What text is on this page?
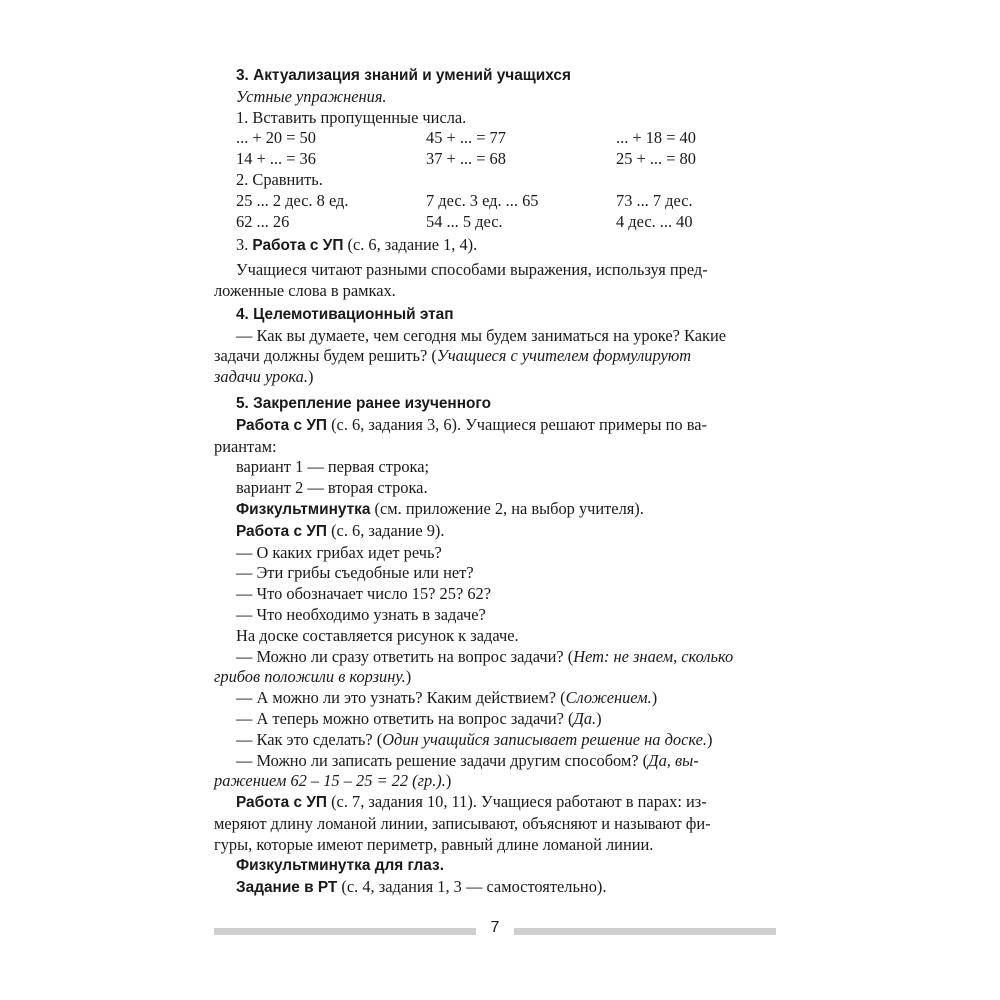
3. Актуализация знаний и умений учащихся
Устные упражнения.
1. Вставить пропущенные числа.
... + 20 = 50	45 + ... = 77	... + 18 = 40
14 + ... = 36	37 + ... = 68	25 + ... = 80
2. Сравнить.
25 ... 2 дес. 8 ед.	7 дес. 3 ед. ... 65	73 ... 7 дес.
62 ... 26	54 ... 5 дес.	4 дес. ... 40
3. Работа с УП (с. 6, задание 1, 4).
Учащиеся читают разными способами выражения, используя пред-
ложенные слова в рамках.
4. Целемотивационный этап
— Как вы думаете, чем сегодня мы будем заниматься на уроке? Какие
задачи должны будем решить? (Учащиеся с учителем формулируют
задачи урока.)
5. Закрепление ранее изученного
Работа с УП (с. 6, задания 3, 6). Учащиеся решают примеры по ва-
риантам:
вариант 1 — первая строка;
вариант 2 — вторая строка.
Физкультминутка (см. приложение 2, на выбор учителя).
Работа с УП (с. 6, задание 9).
— О каких грибах идет речь?
— Эти грибы съедобные или нет?
— Что обозначает число 15? 25? 62?
— Что необходимо узнать в задаче?
На доске составляется рисунок к задаче.
— Можно ли сразу ответить на вопрос задачи? (Нет: не знаем, сколько
грибов положили в корзину.)
— А можно ли это узнать? Каким действием? (Сложением.)
— А теперь можно ответить на вопрос задачи? (Да.)
— Как это сделать? (Один учащийся записывает решение на доске.)
— Можно ли записать решение задачи другим способом? (Да, вы-
ражением 62 – 15 – 25 = 22 (гр.).)
Работа с УП (с. 7, задания 10, 11). Учащиеся работают в парах: из-
меряют длину ломаной линии, записывают, объясняют и называют фи-
гуры, которые имеют периметр, равный длине ломаной линии.
Физкультминутка для глаз.
Задание в РТ (с. 4, задания 1, 3 — самостоятельно).
7
